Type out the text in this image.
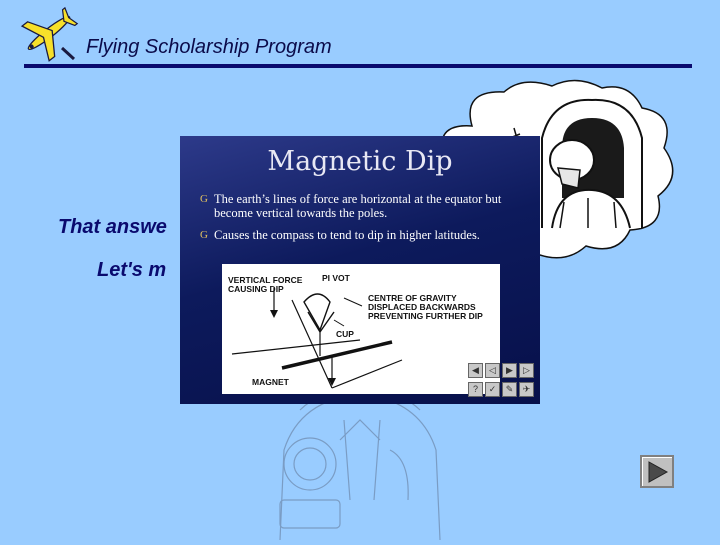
Flying Scholarship Program
That answe
Let's m
Magnetic Dip
G The earth’s lines of force are horizontal at the equator but become vertical towards the poles.
G Causes the compass to tend to dip in higher latitudes.
VERTICAL FORCE CAUSING DIP
PI VOT
CENTRE OF GRAVITY DISPLACED BACKWARDS PREVENTING FURTHER DIP
CUP
MAGNET
◀	◁	▶	▷
?	✓	✎	✈
